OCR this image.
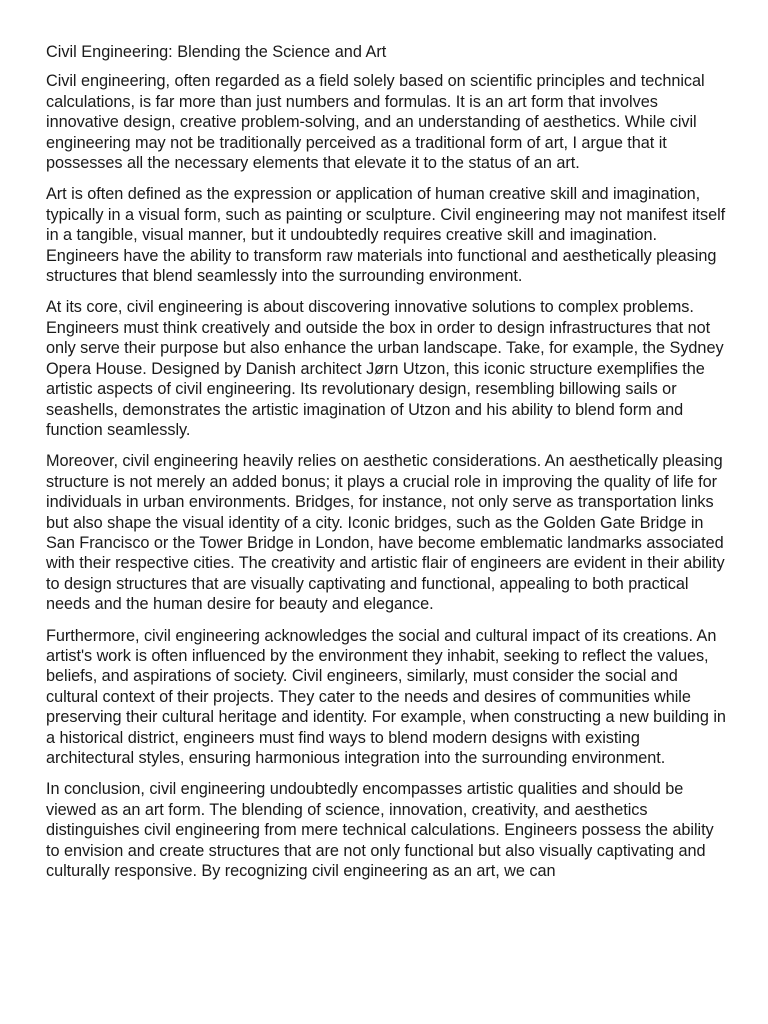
Civil Engineering: Blending the Science and Art

Civil engineering, often regarded as a field solely based on scientific principles and technical calculations, is far more than just numbers and formulas. It is an art form that involves innovative design, creative problem-solving, and an understanding of aesthetics. While civil engineering may not be traditionally perceived as a traditional form of art, I argue that it possesses all the necessary elements that elevate it to the status of an art.

Art is often defined as the expression or application of human creative skill and imagination, typically in a visual form, such as painting or sculpture. Civil engineering may not manifest itself in a tangible, visual manner, but it undoubtedly requires creative skill and imagination. Engineers have the ability to transform raw materials into functional and aesthetically pleasing structures that blend seamlessly into the surrounding environment.

At its core, civil engineering is about discovering innovative solutions to complex problems. Engineers must think creatively and outside the box in order to design infrastructures that not only serve their purpose but also enhance the urban landscape. Take, for example, the Sydney Opera House. Designed by Danish architect Jørn Utzon, this iconic structure exemplifies the artistic aspects of civil engineering. Its revolutionary design, resembling billowing sails or seashells, demonstrates the artistic imagination of Utzon and his ability to blend form and function seamlessly.

Moreover, civil engineering heavily relies on aesthetic considerations. An aesthetically pleasing structure is not merely an added bonus; it plays a crucial role in improving the quality of life for individuals in urban environments. Bridges, for instance, not only serve as transportation links but also shape the visual identity of a city. Iconic bridges, such as the Golden Gate Bridge in San Francisco or the Tower Bridge in London, have become emblematic landmarks associated with their respective cities. The creativity and artistic flair of engineers are evident in their ability to design structures that are visually captivating and functional, appealing to both practical needs and the human desire for beauty and elegance.

Furthermore, civil engineering acknowledges the social and cultural impact of its creations. An artist's work is often influenced by the environment they inhabit, seeking to reflect the values, beliefs, and aspirations of society. Civil engineers, similarly, must consider the social and cultural context of their projects. They cater to the needs and desires of communities while preserving their cultural heritage and identity. For example, when constructing a new building in a historical district, engineers must find ways to blend modern designs with existing architectural styles, ensuring harmonious integration into the surrounding environment.

In conclusion, civil engineering undoubtedly encompasses artistic qualities and should be viewed as an art form. The blending of science, innovation, creativity, and aesthetics distinguishes civil engineering from mere technical calculations. Engineers possess the ability to envision and create structures that are not only functional but also visually captivating and culturally responsive. By recognizing civil engineering as an art, we can
